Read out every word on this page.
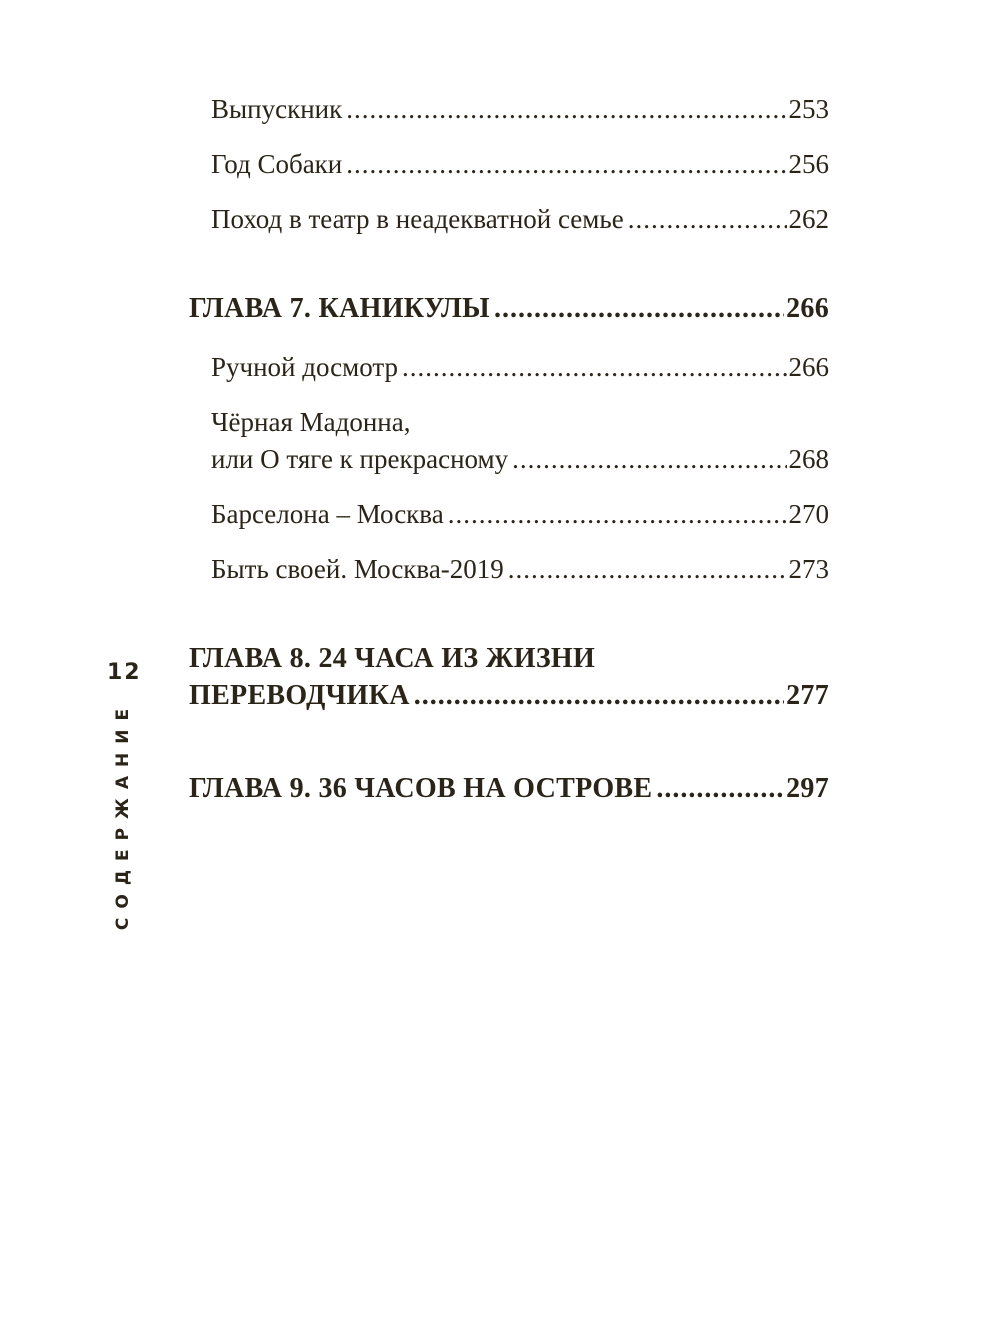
Выпускник .....	253
Год Собаки .....	256
Поход в театр в неадекватной семье .....	262
ГЛАВА 7. КАНИКУЛЫ .....	266
Ручной досмотр .....	266
Чёрная Мадонна,
или О тяге к прекрасному .....	268
Барселона – Москва .....	270
Быть своей. Москва-2019 .....	273
ГЛАВА 8. 24 ЧАСА ИЗ ЖИЗНИ
ПЕРЕВОДЧИКА .....	277
ГЛАВА 9. 36 ЧАСОВ НА ОСТРОВЕ .....	297
12
СОДЕРЖАНИЕ
